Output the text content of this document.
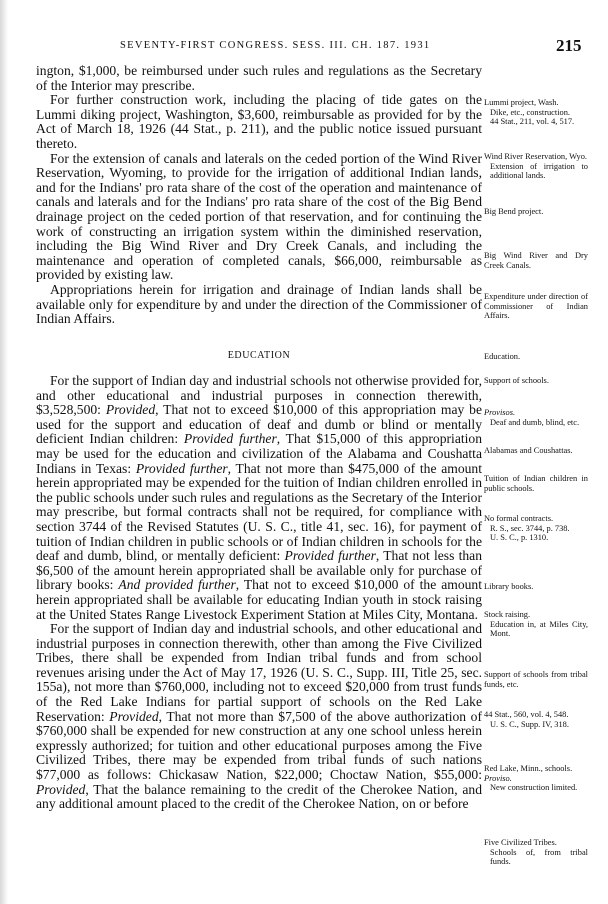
SEVENTY-FIRST CONGRESS. SESS. III. CH. 187. 1931	215

ington, $1,000, be reimbursed under such rules and regulations as the Secretary of the Interior may prescribe.

For further construction work, including the placing of tide gates on the Lummi diking project, Washington, $3,600, reimbursable as provided for by the Act of March 18, 1926 (44 Stat., p. 211), and the public notice issued pursuant thereto.

For the extension of canals and laterals on the ceded portion of the Wind River Reservation, Wyoming, to provide for the irrigation of additional Indian lands, and for the Indians' pro rata share of the cost of the operation and maintenance of canals and laterals and for the Indians' pro rata share of the cost of the Big Bend drainage project on the ceded portion of that reservation, and for continuing the work of constructing an irrigation system within the diminished reservation, including the Big Wind River and Dry Creek Canals, and including the maintenance and operation of completed canals, $66,000, reimbursable as provided by existing law.

Appropriations herein for irrigation and drainage of Indian lands shall be available only for expenditure by and under the direction of the Commissioner of Indian Affairs.

EDUCATION

For the support of Indian day and industrial schools not otherwise provided for, and other educational and industrial purposes in connection therewith, $3,528,500: Provided, That not to exceed $10,000 of this appropriation may be used for the support and education of deaf and dumb or blind or mentally deficient Indian children: Provided further, That $15,000 of this appropriation may be used for the education and civilization of the Alabama and Coushatta Indians in Texas: Provided further, That not more than $475,000 of the amount herein appropriated may be expended for the tuition of Indian children enrolled in the public schools under such rules and regulations as the Secretary of the Interior may prescribe, but formal contracts shall not be required, for compliance with section 3744 of the Revised Statutes (U. S. C., title 41, sec. 16), for payment of tuition of Indian children in public schools or of Indian children in schools for the deaf and dumb, blind, or mentally deficient: Provided further, That not less than $6,500 of the amount herein appropriated shall be available only for purchase of library books: And provided further, That not to exceed $10,000 of the amount herein appropriated shall be available for educating Indian youth in stock raising at the United States Range Livestock Experiment Station at Miles City, Montana.

For the support of Indian day and industrial schools, and other educational and industrial purposes in connection therewith, other than among the Five Civilized Tribes, there shall be expended from Indian tribal funds and from school revenues arising under the Act of May 17, 1926 (U. S. C., Supp. III, Title 25, sec. 155a), not more than $760,000, including not to exceed $20,000 from trust funds of the Red Lake Indians for partial support of schools on the Red Lake Reservation: Provided, That not more than $7,500 of the above authorization of $760,000 shall be expended for new construction at any one school unless herein expressly authorized; for tuition and other educational purposes among the Five Civilized Tribes, there may be expended from tribal funds of such nations $77,000 as follows: Chickasaw Nation, $22,000; Choctaw Nation, $55,000: Provided, That the balance remaining to the credit of the Cherokee Nation, and any additional amount placed to the credit of the Cherokee Nation, on or before

Lummi project, Wash.
Dike, etc., construction.
44 Stat., 211, vol. 4, 517.
Wind River Reservation, Wyo.
Extension of irrigation to additional lands.
Big Bend project.
Big Wind River and Dry Creek Canals.
Expenditure under direction of Commissioner of Indian Affairs.
Education.
Support of schools.
Provisos.
Deaf and dumb, blind, etc.
Alabamas and Coushattas.
Tuition of Indian children in public schools.
No formal contracts.
R. S., sec. 3744, p. 738.
U. S. C., p. 1310.
Library books.
Stock raising.
Education in, at Miles City, Mont.
Support of schools from tribal funds, etc.
44 Stat., 560, vol. 4, 548.
U. S. C., Supp. IV, 318.
Red Lake, Minn., schools.
Proviso.
New construction limited.
Five Civilized Tribes.
Schools of, from tribal funds.
